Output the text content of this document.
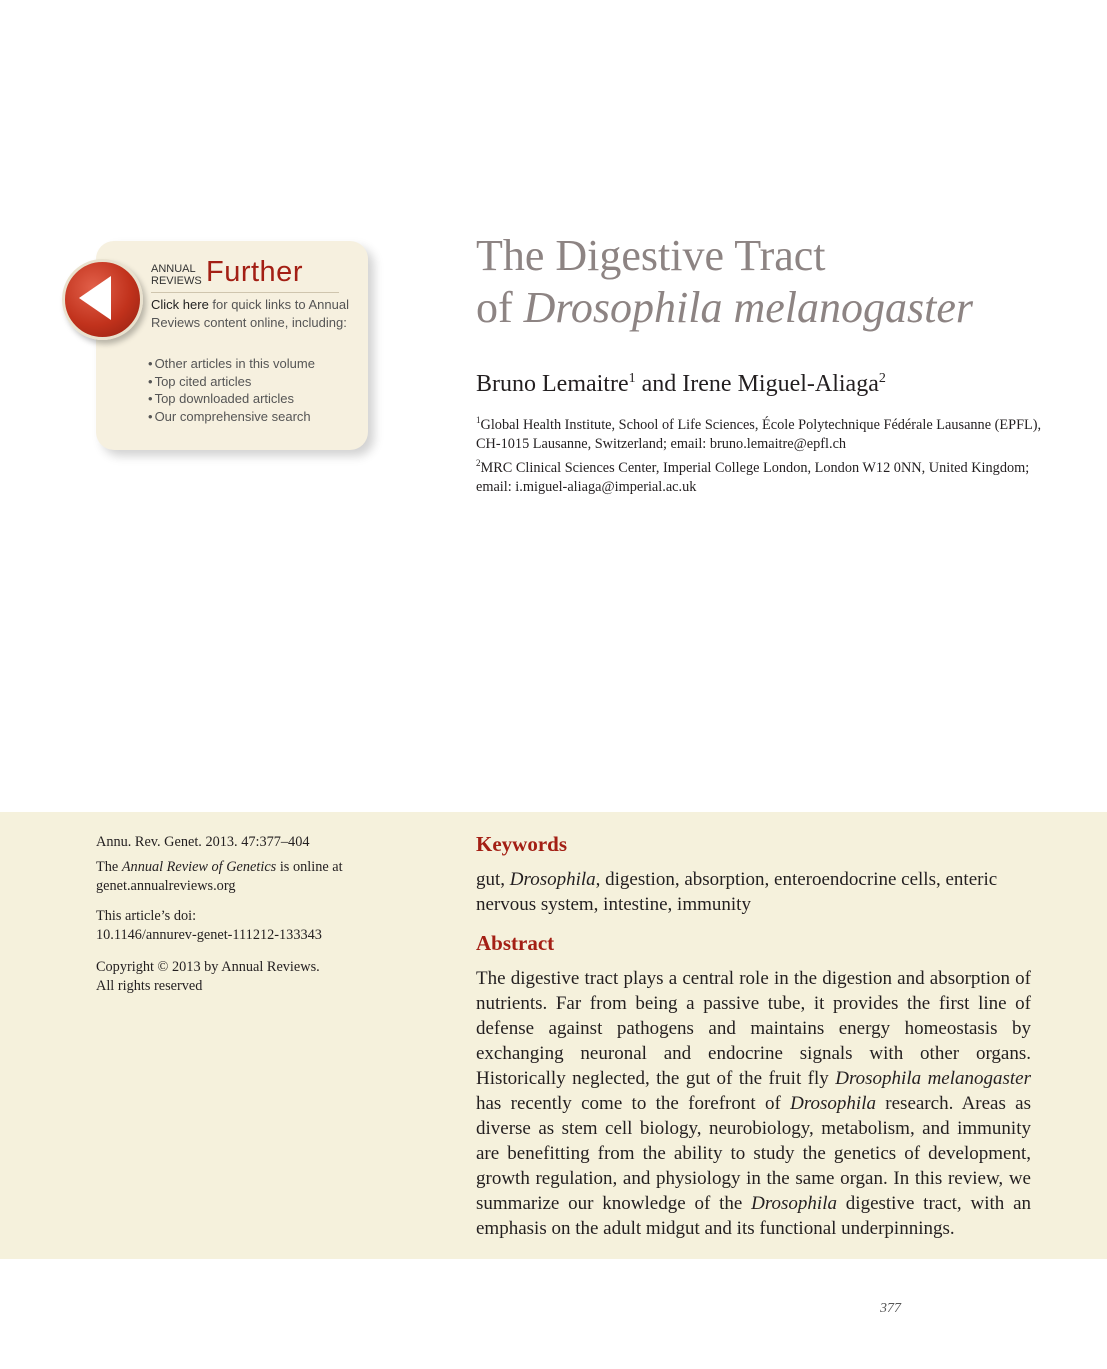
ANNUAL
REVIEWS Further
Click here for quick links to Annual Reviews content online, including:
• Other articles in this volume
• Top cited articles
• Top downloaded articles
• Our comprehensive search
The Digestive Tract
of Drosophila melanogaster
Bruno Lemaitre$^1$ and Irene Miguel-Aliaga$^2$
$^1$Global Health Institute, School of Life Sciences, École Polytechnique Fédérale Lausanne (EPFL), CH-1015 Lausanne, Switzerland; email: bruno.lemaitre@epfl.ch
$^2$MRC Clinical Sciences Center, Imperial College London, London W12 0NN, United Kingdom; email: i.miguel-aliaga@imperial.ac.uk
Annu. Rev. Genet. 2013. 47:377–404
The Annual Review of Genetics is online at genet.annualreviews.org
This article’s doi:
10.1146/annurev-genet-111212-133343
Copyright © 2013 by Annual Reviews.
All rights reserved
Keywords
gut, Drosophila, digestion, absorption, enteroendocrine cells, enteric nervous system, intestine, immunity
Abstract
The digestive tract plays a central role in the digestion and absorption of nutrients. Far from being a passive tube, it provides the first line of defense against pathogens and maintains energy homeostasis by exchanging neuronal and endocrine signals with other organs. Historically neglected, the gut of the fruit fly Drosophila melanogaster has recently come to the forefront of Drosophila research. Areas as diverse as stem cell biology, neurobiology, metabolism, and immunity are benefitting from the ability to study the genetics of development, growth regulation, and physiology in the same organ. In this review, we summarize our knowledge of the Drosophila digestive tract, with an emphasis on the adult midgut and its functional underpinnings.
377
